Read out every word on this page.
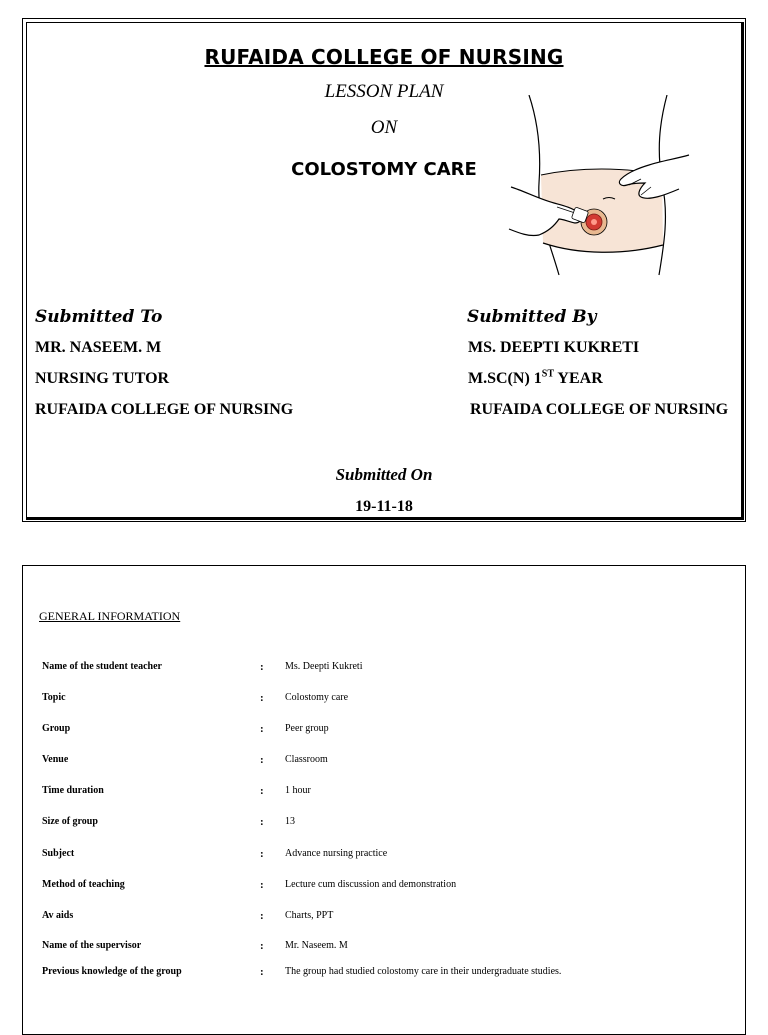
RUFAIDA COLLEGE OF NURSING

LESSON PLAN

ON

COLOSTOMY CARE

Submitted To	Submitted By

MR. NASEEM. M

NURSING TUTOR

RUFAIDA COLLEGE OF NURSING

MS. DEEPTI KUKRETI

M.SC(N) 1ST YEAR

RUFAIDA COLLEGE OF NURSING

Submitted On

19-11-18

GENERAL INFORMATION

Name of the student teacher	: Ms. Deepti Kukreti
Topic	: Colostomy care
Group	: Peer group
Venue	: Classroom
Time duration	: 1 hour
Size of group	: 13
Subject	: Advance nursing practice
Method of teaching	: Lecture cum discussion and demonstration
Av aids	: Charts, PPT
Name of the supervisor	: Mr. Naseem. M
Previous knowledge of the group	: The group had studied colostomy care in their undergraduate studies.
